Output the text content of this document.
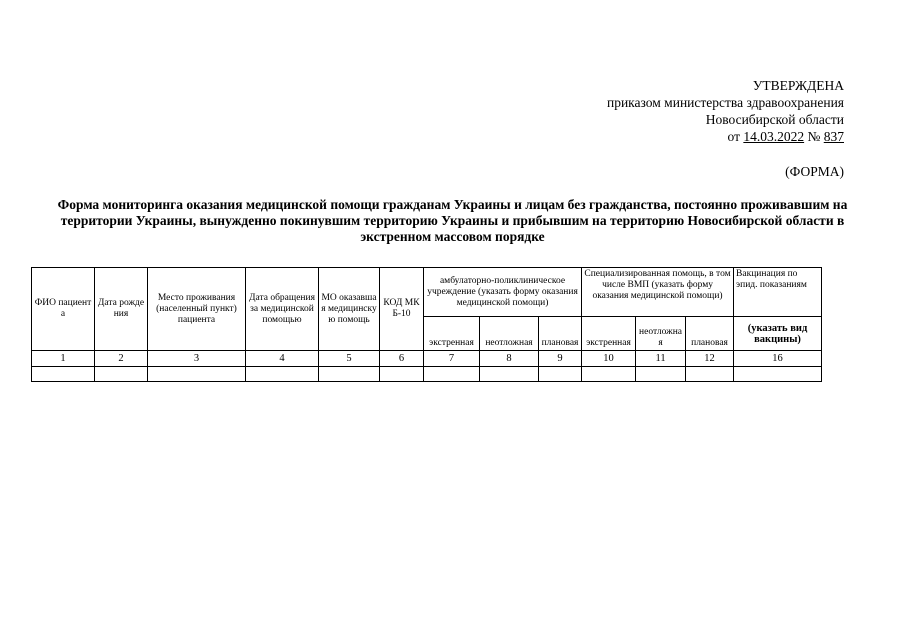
УТВЕРЖДЕНА
приказом министерства здравоохранения
Новосибирской области
от 14.03.2022 № 837
(ФОРМА)
Форма мониторинга оказания медицинской помощи гражданам Украины и лицам без гражданства, постоянно проживавшим на территории Украины, вынужденно покинувшим территорию Украины и прибывшим на территорию Новосибирской области в экстренном массовом порядке
ФИО пациента	Дата рождения	Место проживания (населенный пункт) пациента	Дата обращения за медицинской помощью	МО оказавшая медицинскую помощь	КОД МКБ-10	амбулаторно-поликлиническое учреждение (указать форму оказания медицинской помощи)			Специализированная помощь, в том числе ВМП (указать форму оказания медицинской помощи)			Вакцинация по эпид. показаниям
						экстренная	неотложная	плановая	экстренная	неотложная	плановая	(указать вид вакцины)
1	2	3	4	5	6	7	8	9	10	11	12	16
